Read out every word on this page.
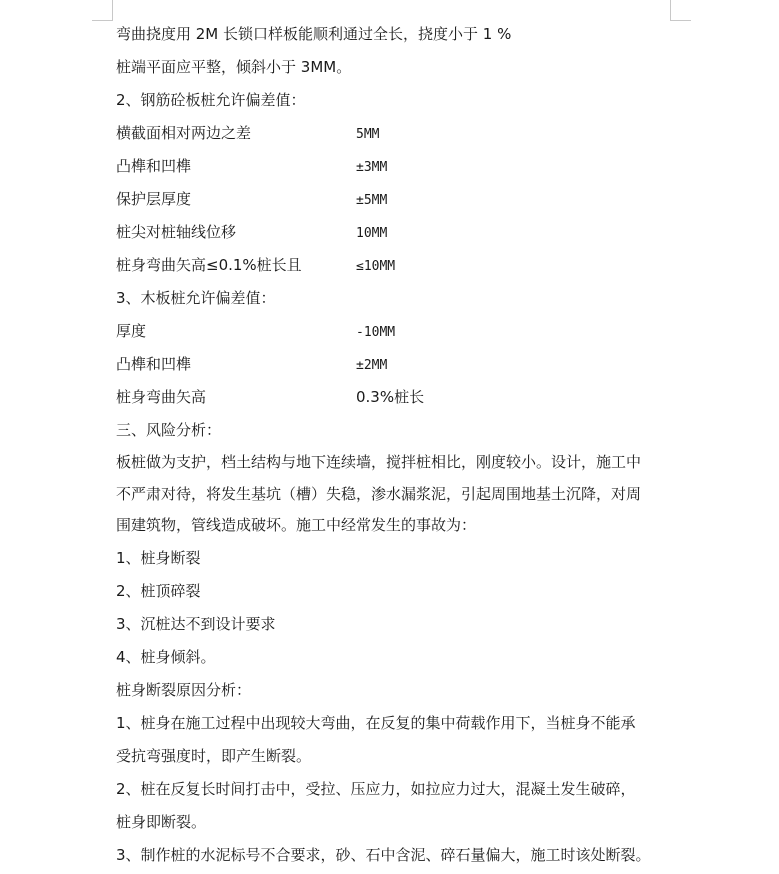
弯曲挠度用 2M 长锁口样板能顺利通过全长，挠度小于 1 %
桩端平面应平整，倾斜小于 3MM。
2、钢筋砼板桩允许偏差值：
横截面相对两边之差	5MM
凸榫和凹榫	±3MM
保护层厚度	±5MM
桩尖对桩轴线位移	10MM
桩身弯曲矢高≤0.1%桩长且	≤10MM
3、木板桩允许偏差值：
厚度	-10MM
凸榫和凹榫	±2MM
桩身弯曲矢高	0.3%桩长
三、风险分析：
板桩做为支护，档土结构与地下连续墙，搅拌桩相比，刚度较小。设计，施工中
不严肃对待，将发生基坑（槽）失稳，渗水漏浆泥，引起周围地基土沉降，对周
围建筑物，管线造成破坏。施工中经常发生的事故为：
1、桩身断裂
2、桩顶碎裂
3、沉桩达不到设计要求
4、桩身倾斜。
桩身断裂原因分析：
1、桩身在施工过程中出现较大弯曲，在反复的集中荷载作用下，当桩身不能承
受抗弯强度时，即产生断裂。
2、桩在反复长时间打击中，受拉、压应力，如拉应力过大，混凝土发生破碎，
桩身即断裂。
3、制作桩的水泥标号不合要求，砂、石中含泥、碎石量偏大，施工时该处断裂。
